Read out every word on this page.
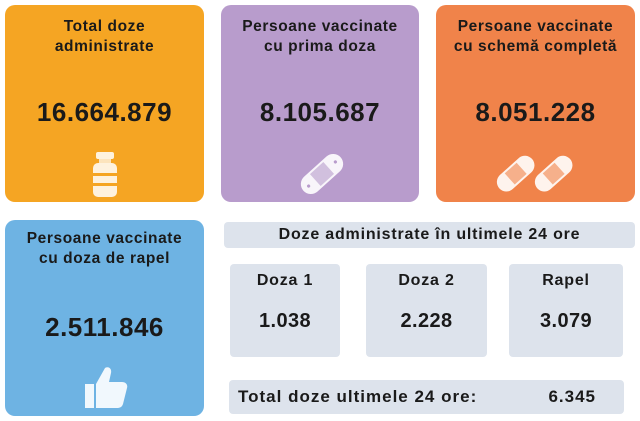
Total doze
administrate
16.664.879
Persoane vaccinate
cu prima doza
8.105.687
Persoane vaccinate
cu schemă completă
8.051.228
Persoane vaccinate
cu doza de rapel
2.511.846
Doze administrate în ultimele 24 ore
Doza 1
1.038
Doza 2
2.228
Rapel
3.079
Total doze ultimele 24 ore:	6.345
